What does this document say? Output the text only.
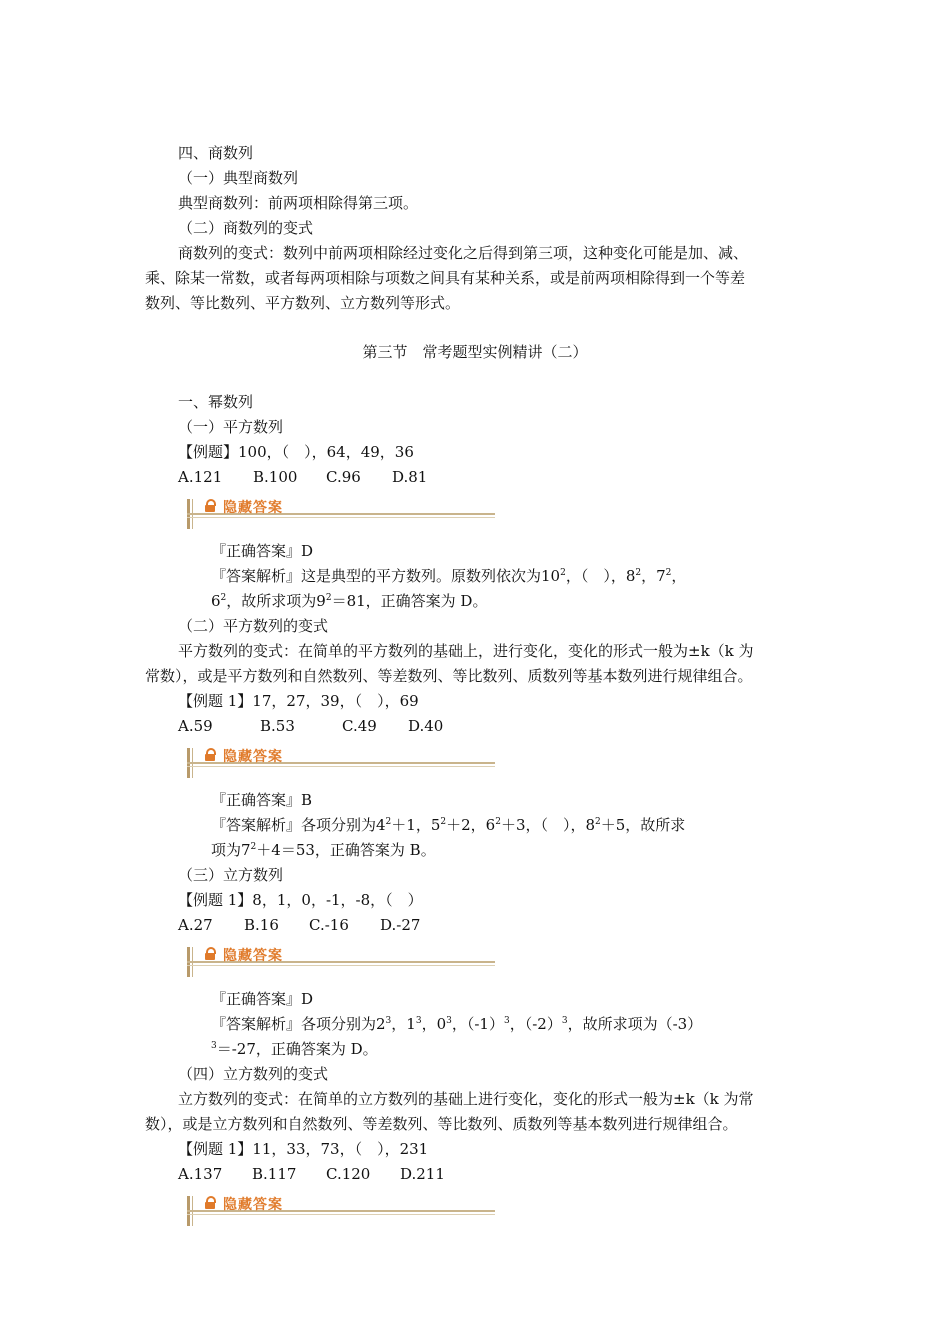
四、商数列
（一）典型商数列
典型商数列：前两项相除得第三项。
（二）商数列的变式
商数列的变式：数列中前两项相除经过变化之后得到第三项，这种变化可能是加、减、
乘、除某一常数，或者每两项相除与项数之间具有某种关系，或是前两项相除得到一个等差
数列、等比数列、平方数列、立方数列等形式。
第三节　常考题型实例精讲（二）
一、幂数列
（一）平方数列
【例题】100，（　），64，49，36
A.121 B.100 C.96 D.81
隐藏答案
『正确答案』D
『答案解析』这是典型的平方数列。原数列依次为$10^2$，（　），$8^2$，$7^2$，
$6^2$，故所求项为$9^2=81$，正确答案为 D。
（二）平方数列的变式
平方数列的变式：在简单的平方数列的基础上，进行变化，变化的形式一般为±k（k 为
常数），或是平方数列和自然数列、等差数列、等比数列、质数列等基本数列进行规律组合。
【例题 1】17，27，39，（　），69
A.59	B.53	C.49 D.40
隐藏答案
『正确答案』B
『答案解析』各项分别为$4^2+1$，$5^2+2$，$6^2+3$，（　），$8^2+5$，故所求
项为$7^2+4=53$，正确答案为 B。
（三）立方数列
【例题 1】8，1，0，-1，-8，（　）
A.27 B.16 C.-16 D.-27
隐藏答案
『正确答案』D
『答案解析』各项分别为$2^3$，$1^3$，$0^3$，$(-1)^3$，$(-2)^3$，故所求项为（-3）
$^3$＝-27，正确答案为 D。
（四）立方数列的变式
立方数列的变式：在简单的立方数列的基础上进行变化，变化的形式一般为±k（k 为常
数），或是立方数列和自然数列、等差数列、等比数列、质数列等基本数列进行规律组合。
【例题 1】11，33，73，（　），231
A.137 B.117 C.120 D.211
隐藏答案
